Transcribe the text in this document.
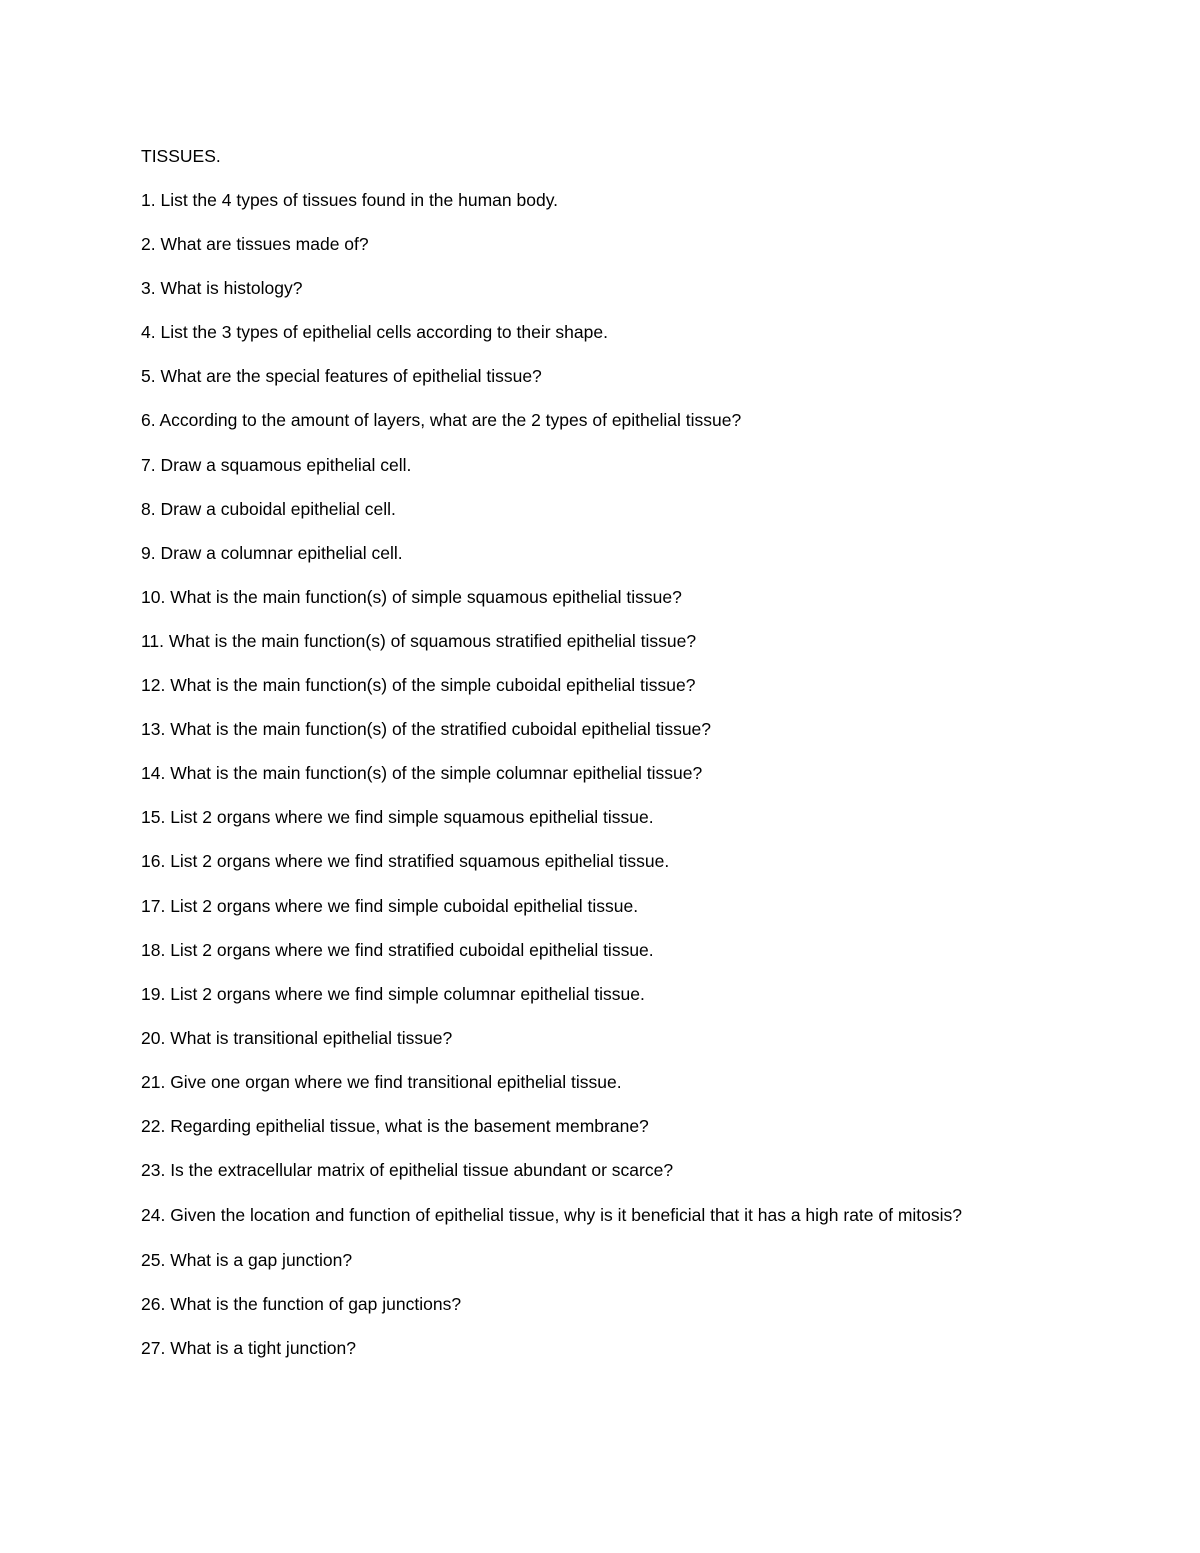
TISSUES.
1. List the 4 types of tissues found in the human body.
2. What are tissues made of?
3. What is histology?
4. List the 3 types of epithelial cells according to their shape.
5. What are the special features of epithelial tissue?
6. According to the amount of layers, what are the 2 types of epithelial tissue?
7. Draw a squamous epithelial cell.
8. Draw a cuboidal epithelial cell.
9. Draw a columnar epithelial cell.
10. What is the main function(s) of simple squamous epithelial tissue?
11. What is the main function(s) of squamous stratified epithelial tissue?
12. What is the main function(s) of the simple cuboidal epithelial tissue?
13. What is the main function(s) of the stratified cuboidal epithelial tissue?
14. What is the main function(s) of the simple columnar epithelial tissue?
15. List 2 organs where we find simple squamous epithelial tissue.
16. List 2 organs where we find stratified squamous epithelial tissue.
17. List 2 organs where we find simple cuboidal epithelial tissue.
18. List 2 organs where we find stratified cuboidal epithelial tissue.
19. List 2 organs where we find simple columnar epithelial tissue.
20. What is transitional epithelial tissue?
21. Give one organ where we find transitional epithelial tissue.
22. Regarding epithelial tissue, what is the basement membrane?
23. Is the extracellular matrix of epithelial tissue abundant or scarce?
24. Given the location and function of epithelial tissue, why is it beneficial that it has a high rate of mitosis?
25. What is a gap junction?
26. What is the function of gap junctions?
27. What is a tight junction?
